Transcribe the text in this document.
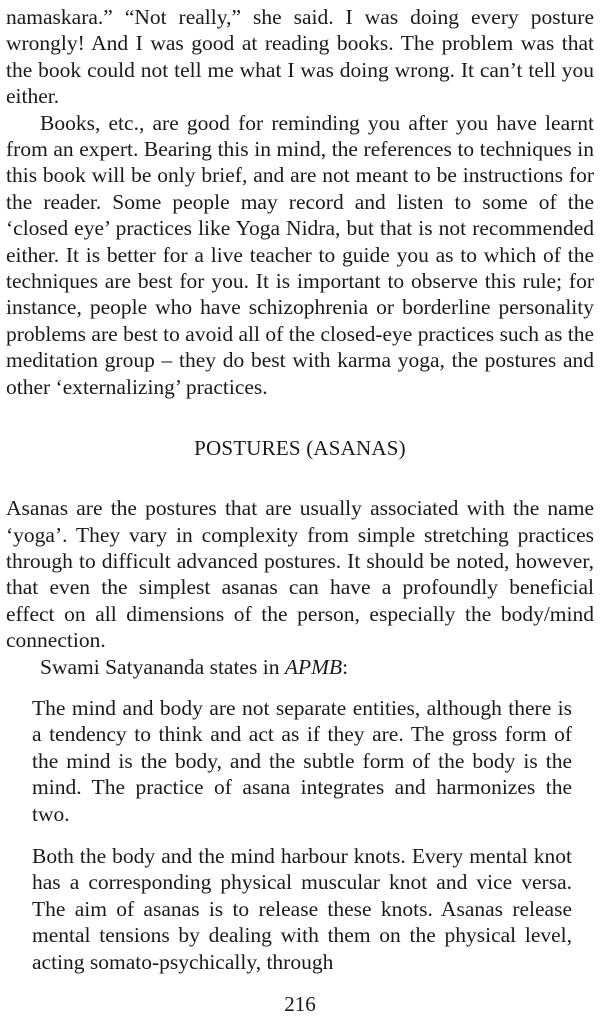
namaskara.” “Not really,” she said. I was doing every posture wrongly! And I was good at reading books. The problem was that the book could not tell me what I was doing wrong. It can’t tell you either.

Books, etc., are good for reminding you after you have learnt from an expert. Bearing this in mind, the references to techniques in this book will be only brief, and are not meant to be instructions for the reader. Some people may record and listen to some of the ‘closed eye’ practices like Yoga Nidra, but that is not recommended either. It is better for a live teacher to guide you as to which of the techniques are best for you. It is important to observe this rule; for instance, people who have schizophrenia or borderline personality problems are best to avoid all of the closed-eye practices such as the meditation group – they do best with karma yoga, the postures and other ‘externalizing’ practices.

POSTURES (ASANAS)

Asanas are the postures that are usually associated with the name ‘yoga’. They vary in complexity from simple stretching practices through to difficult advanced postures. It should be noted, however, that even the simplest asanas can have a profoundly beneficial effect on all dimensions of the person, especially the body/mind connection.

Swami Satyananda states in APMB:

The mind and body are not separate entities, although there is a tendency to think and act as if they are. The gross form of the mind is the body, and the subtle form of the body is the mind. The practice of asana integrates and harmonizes the two.

Both the body and the mind harbour knots. Every mental knot has a corresponding physical muscular knot and vice versa. The aim of asanas is to release these knots. Asanas release mental tensions by dealing with them on the physical level, acting somato-psychically, through

216
